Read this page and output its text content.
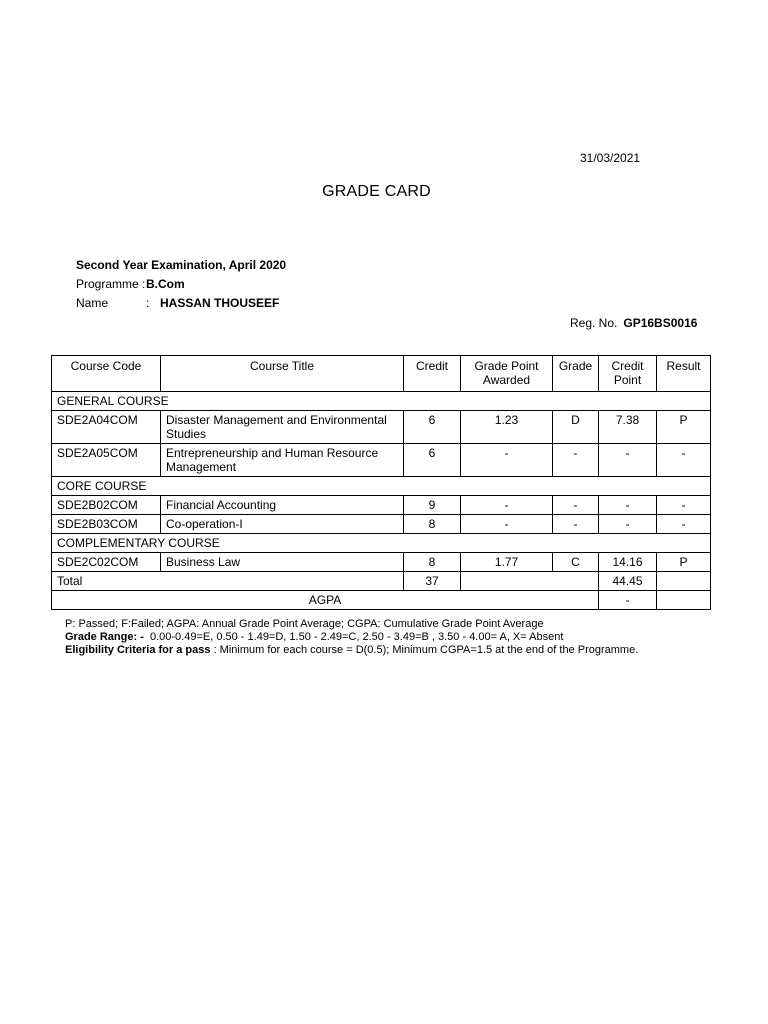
31/03/2021
GRADE CARD
Second Year Examination, April 2020
Programme :B.Com
Name	: HASSAN THOUSEEF
Reg. No. GP16BS0016
Course Code	Course Title	Credit	Grade Point Awarded	Grade	Credit Point	Result
GENERAL COURSE						
SDE2A04COM	Disaster Management and Environmental Studies	6	1.23	D	7.38	P
SDE2A05COM	Entrepreneurship and Human Resource Management	6	-	-	-	-
CORE COURSE						
SDE2B02COM	Financial Accounting	9	-	-	-	-
SDE2B03COM	Co-operation-I	8	-	-	-	-
COMPLEMENTARY COURSE						
SDE2C02COM	Business Law	8	1.77	C	14.16	P
Total		37			44.45	
AGPA					-	
P: Passed; F:Failed; AGPA: Annual Grade Point Average; CGPA: Cumulative Grade Point Average
Grade Range: - 0.00-0.49=E, 0.50 - 1.49=D, 1.50 - 2.49=C, 2.50 - 3.49=B , 3.50 - 4.00= A, X= Absent
Eligibility Criteria for a pass : Minimum for each course = D(0.5); Minimum CGPA=1.5 at the end of the Programme.
